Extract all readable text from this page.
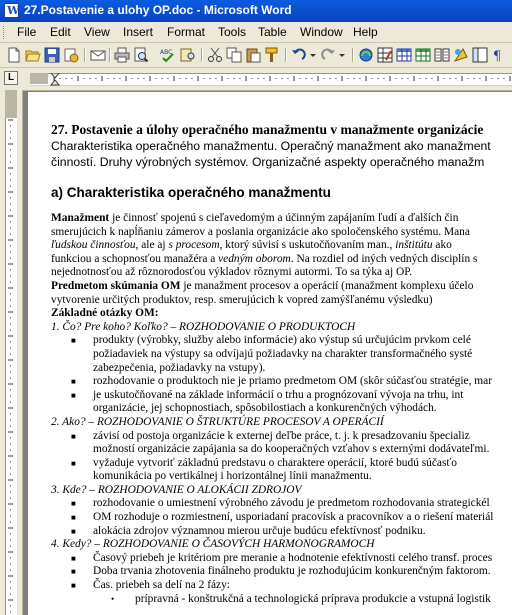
W 27.Postavenie a ulohy OP.doc - Microsoft Word
File Edit View Insert Format Tools Table Window Help
ABC	¶
L

27. Postavenie a úlohy operačného manažmentu v manažmente organizácie

Charakteristika operačného manažmentu. Operačný manažment ako manažment

činností. Druhy výrobných systémov. Organizačné aspekty operačného manažm

a) Charakteristika operačného manažmentu

Manažment je činnosť spojenú s cieľavedomým a účinným zapájaním ľudí a ďalších čin

smerujúcich k napĺňaniu zámerov a poslania organizácie ako spoločenského systému. Mana

ľudskou činnosťou, ale aj s procesom, ktorý súvisí s uskutočňovaním man., inštitútu ako

funkciou a schopnosťou manažéra a vedným oborom. Na rozdiel od iných vedných disciplín s

nejednotnosťou až rôznorodosťou výkladov rôznymi autormi. To sa týka aj OP.

Predmetom skúmania OM je manažment procesov a operácií (manažment komplexu účelo

vytvorenie určitých produktov, resp. smerujúcich k vopred zamýšľanému výsledku)

Základné otázky OM:

1. Čo? Pre koho? Koľko? – ROZHODOVANIE O PRODUKTOCH

■ produkty (výrobky, služby alebo informácie) ako výstup sú určujúcim prvkom celé

požiadaviek na výstupy sa odvíjajú požiadavky na charakter transformačného systé

zabezpečenia, požiadavky na vstupy).

■ rozhodovanie o produktoch nie je priamo predmetom OM (skôr súčasťou stratégie, mar

■ je uskutočňované na základe informácií o trhu a prognózovaní vývoja na trhu, int

organizácie, jej schopnostiach, spôsobilostiach a konkurenčných výhodách.

2. Ako? – ROZHODOVANIE O ŠTRUKTÚRE PROCESOV A OPERÁCIÍ

■ závisí od postoja organizácie k externej deľbe práce, t. j. k presadzovaniu špecializ

možností organizácie zapájania sa do kooperačných vzťahov s externými dodávateľmi.

■ vyžaduje vytvoriť základnú predstavu o charaktere operácií, ktoré budú súčasťo

komunikácia po vertikálnej i horizontálnej línii manažmentu.

3. Kde? – ROZHODOVANIE O ALOKÁCII ZDROJOV

■ rozhodovanie o umiestnení výrobného závodu je predmetom rozhodovania strategickél

■ OM rozhoduje o rozmiestnení, usporiadaní pracovísk a pracovníkov a o riešení materiál

■ alokácia zdrojov významnou mierou určuje budúcu efektívnosť podniku.

4. Kedy? – ROZHODOVANIE O ČASOVÝCH HARMONOGRAMOCH

■ Časový priebeh je kritériom pre meranie a hodnotenie efektívnosti celého transf. proces

■ Doba trvania zhotovenia finálneho produktu je rozhodujúcim konkurenčným faktorom.

■ Čas. priebeh sa delí na 2 fázy:

• prípravná - konštrukčná a technologická príprava produkcie a vstupná logistik
